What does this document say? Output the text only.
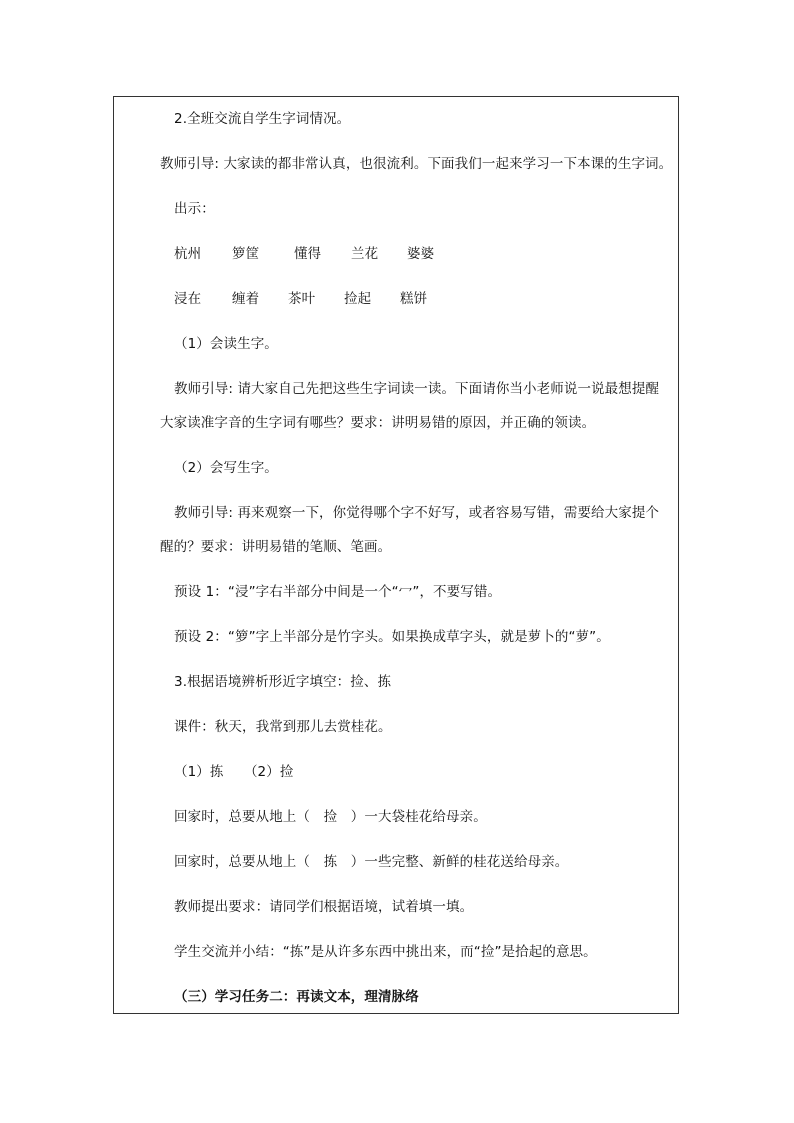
2.全班交流自学生字词情况。
教师引导: 大家读的都非常认真，也很流利。下面我们一起来学习一下本课的生字词。
出示：
杭州 箩筐	懂得 兰花 婆婆
浸在 缠着 茶叶 捡起 糕饼
（1）会读生字。
教师引导: 请大家自己先把这些生字词读一读。下面请你当小老师说一说最想提醒
大家读准字音的生字词有哪些？要求：讲明易错的原因，并正确的领读。
（2）会写生字。
教师引导: 再来观察一下，你觉得哪个字不好写，或者容易写错，需要给大家提个
醒的？要求：讲明易错的笔顺、笔画。
预设 1：“浸”字右半部分中间是一个“冖”，不要写错。
预设 2：“箩”字上半部分是竹字头。如果换成草字头，就是萝卜的“萝”。
3.根据语境辨析形近字填空：捡、拣
课件：秋天，我常到那儿去赏桂花。
（1）拣　　（2）捡
回家时，总要从地上（　捡　）一大袋桂花给母亲。
回家时，总要从地上（　拣　）一些完整、新鲜的桂花送给母亲。
教师提出要求：请同学们根据语境，试着填一填。
学生交流并小结：“拣”是从许多东西中挑出来，而“捡”是拾起的意思。
（三）学习任务二：再读文本，理清脉络
